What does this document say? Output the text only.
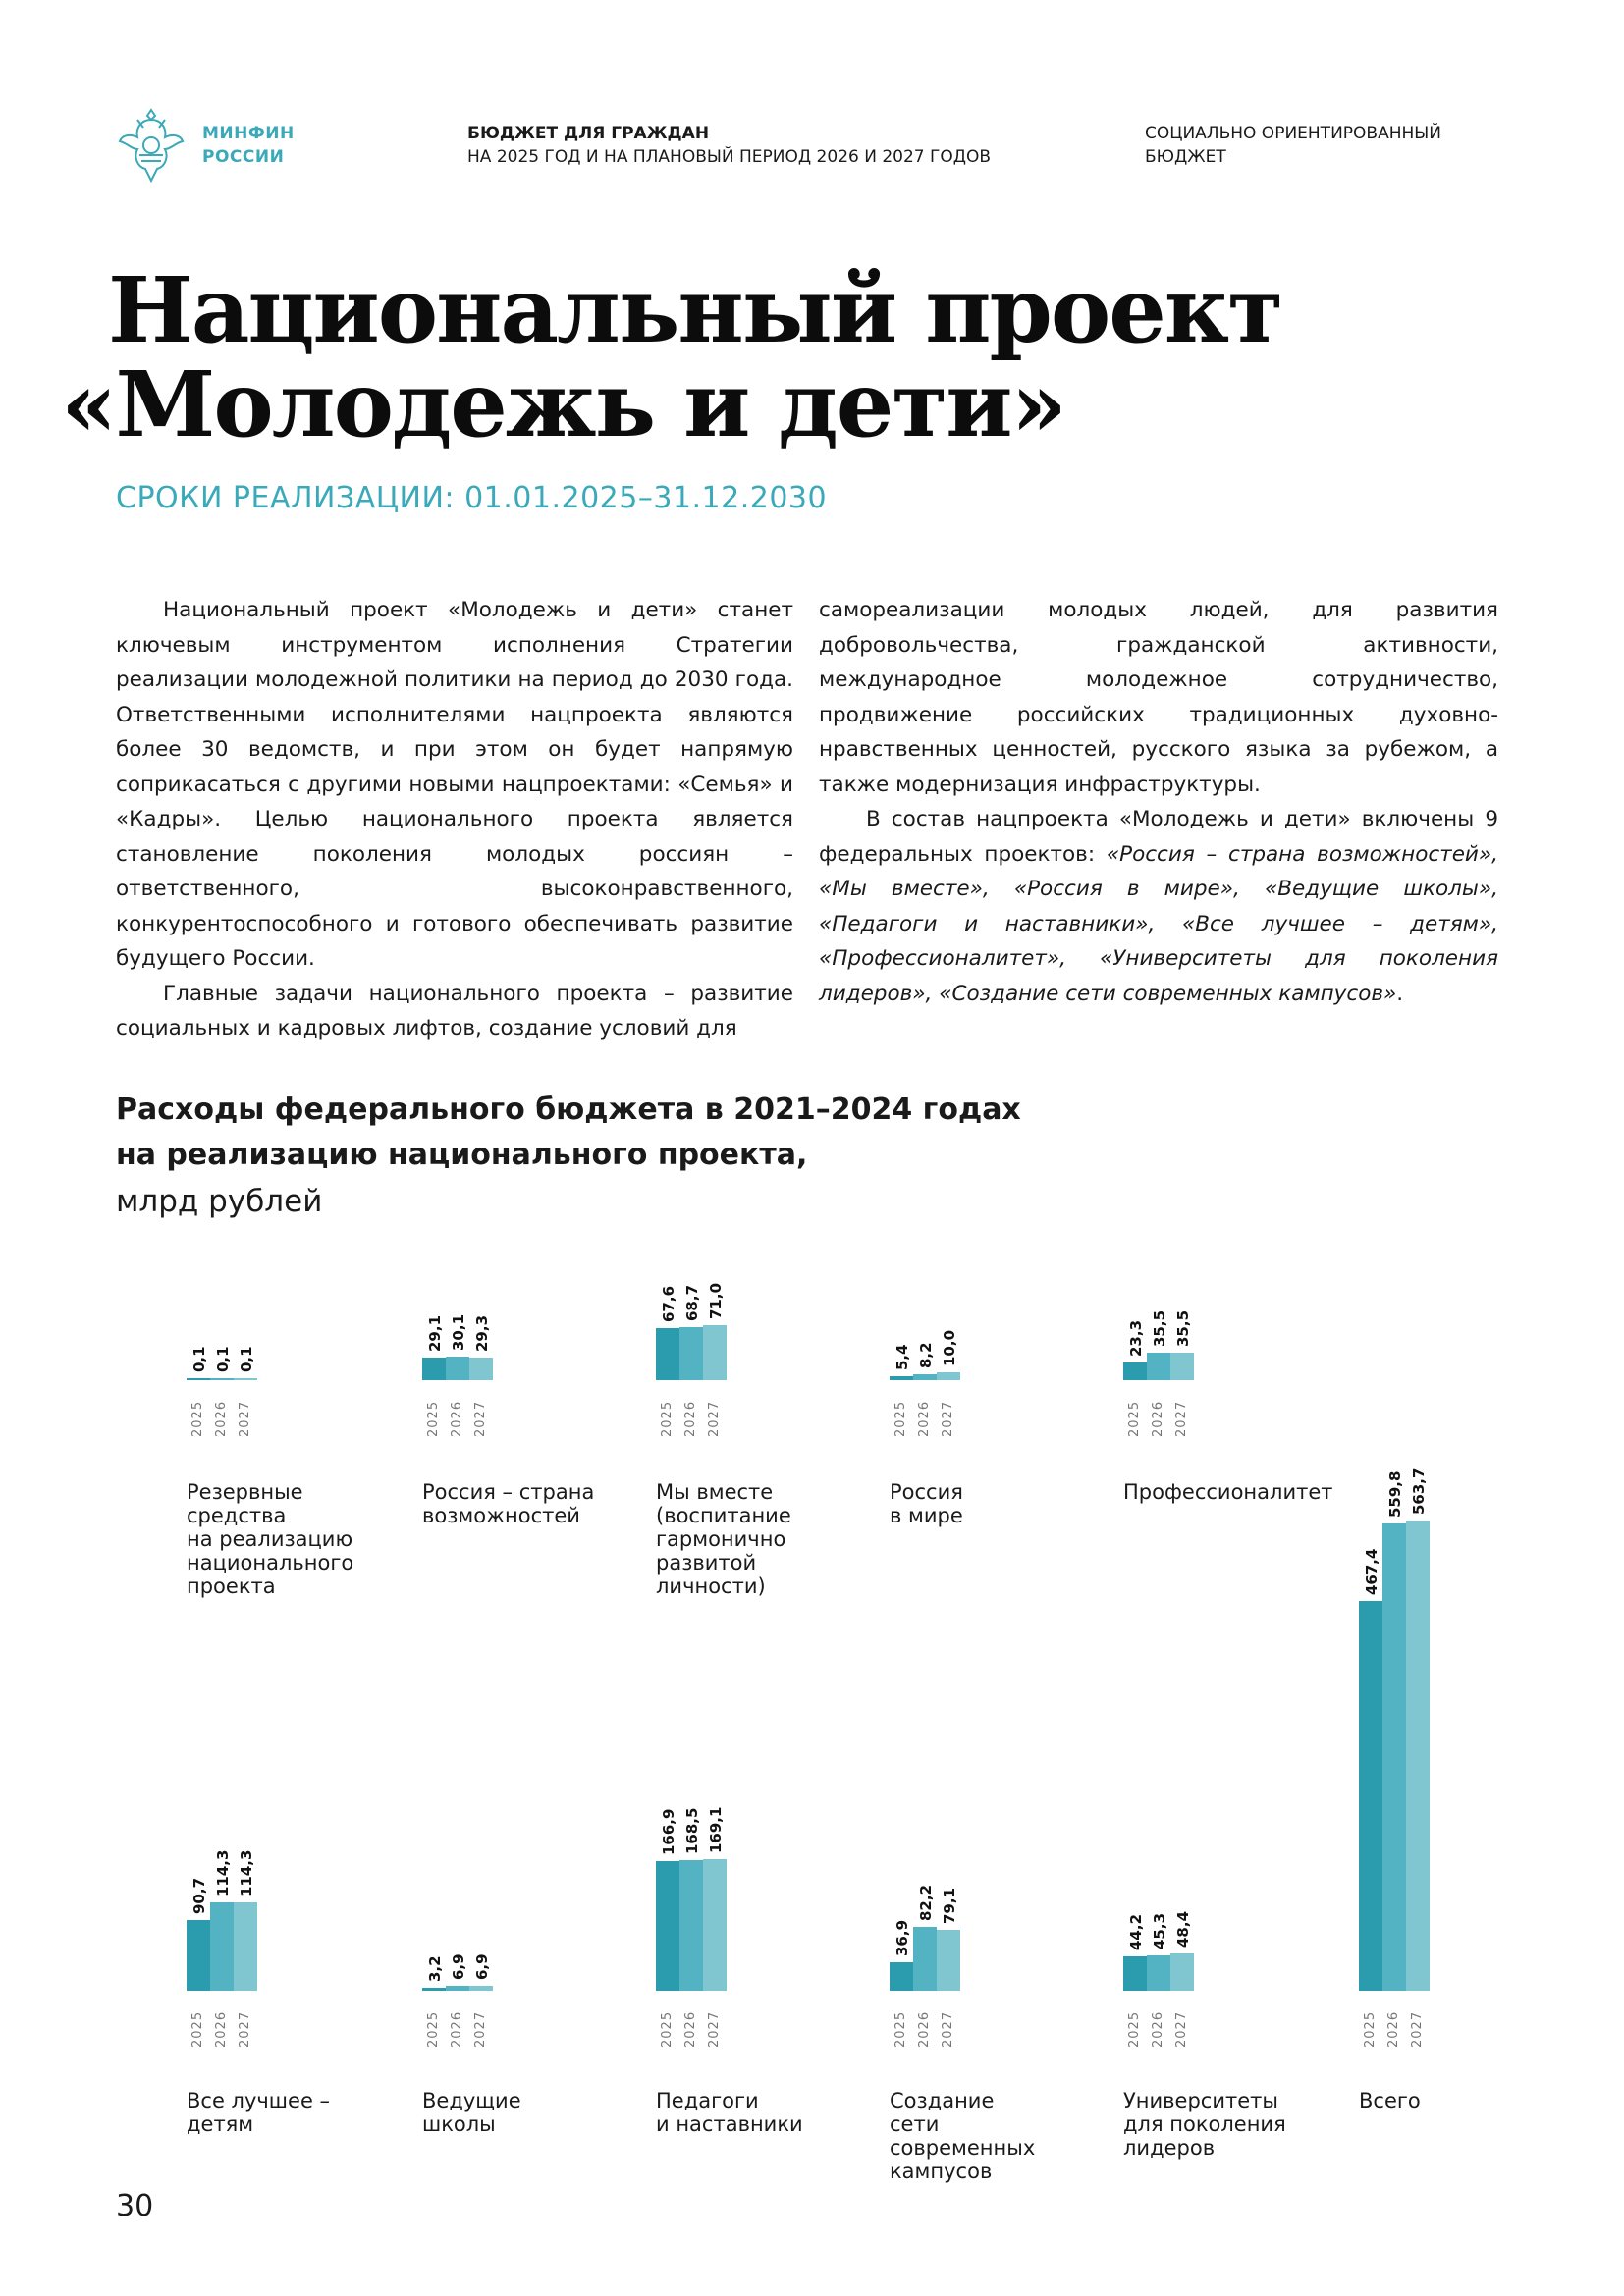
МИНФИН
РОССИИ
БЮДЖЕТ ДЛЯ ГРАЖДАН
НА 2025 ГОД И НА ПЛАНОВЫЙ ПЕРИОД 2026 И 2027 ГОДОВ
СОЦИАЛЬНО ОРИЕНТИРОВАННЫЙ
БЮДЖЕТ
Национальный проект
«Молодежь и дети»
СРОКИ РЕАЛИЗАЦИИ: 01.01.2025–31.12.2030

Национальный проект «Молодежь и дети» станет ключевым инструментом исполнения Стратегии реализации молодежной политики на период до 2030 года. Ответственными исполнителями нацпроекта являются более 30 ведомств, и при этом он будет напрямую соприкасаться с другими новыми нацпроектами: «Семья» и «Кадры». Целью национального проекта является становление поколения молодых россиян – ответственного, высоконравственного, конкурентоспособного и готового обеспечивать развитие будущего России.

Главные задачи национального проекта – развитие социальных и кадровых лифтов, создание условий для

самореализации молодых людей, для развития добровольчества, гражданской активности, международное молодежное сотрудничество, продвижение российских традиционных духовно-нравственных ценностей, русского языка за рубежом, а также модернизация инфраструктуры.

В состав нацпроекта «Молодежь и дети» включены 9 федеральных проектов: «Россия – страна возможностей», «Мы вместе», «Россия в мире», «Ведущие школы», «Педагоги и наставники», «Все лучшее – детям», «Профессионалитет», «Университеты для поколения лидеров», «Создание сети современных кампусов».

Расходы федерального бюджета в 2021–2024 годах
на реализацию национального проекта,
млрд рублей
0,1
2025
0,1
2026
0,1
2027
Резервные
средства
на реализацию
национального
проекта
29,1
2025
30,1
2026
29,3
2027
Россия – страна
возможностей
67,6
2025
68,7
2026
71,0
2027
Мы вместе
(воспитание
гармонично
развитой
личности)
5,4
2025
8,2
2026
10,0
2027
Россия
в мире
23,3
2025
35,5
2026
35,5
2027
Профессионалитет
90,7
2025
114,3
2026
114,3
2027
Все лучшее –
детям
3,2
2025
6,9
2026
6,9
2027
Ведущие
школы
166,9
2025
168,5
2026
169,1
2027
Педагоги
и наставники
36,9
2025
82,2
2026
79,1
2027
Создание
сети
современных
кампусов
44,2
2025
45,3
2026
48,4
2027
Университеты
для поколения
лидеров
467,4
2025
559,8
2026
563,7
2027
Всего
30
